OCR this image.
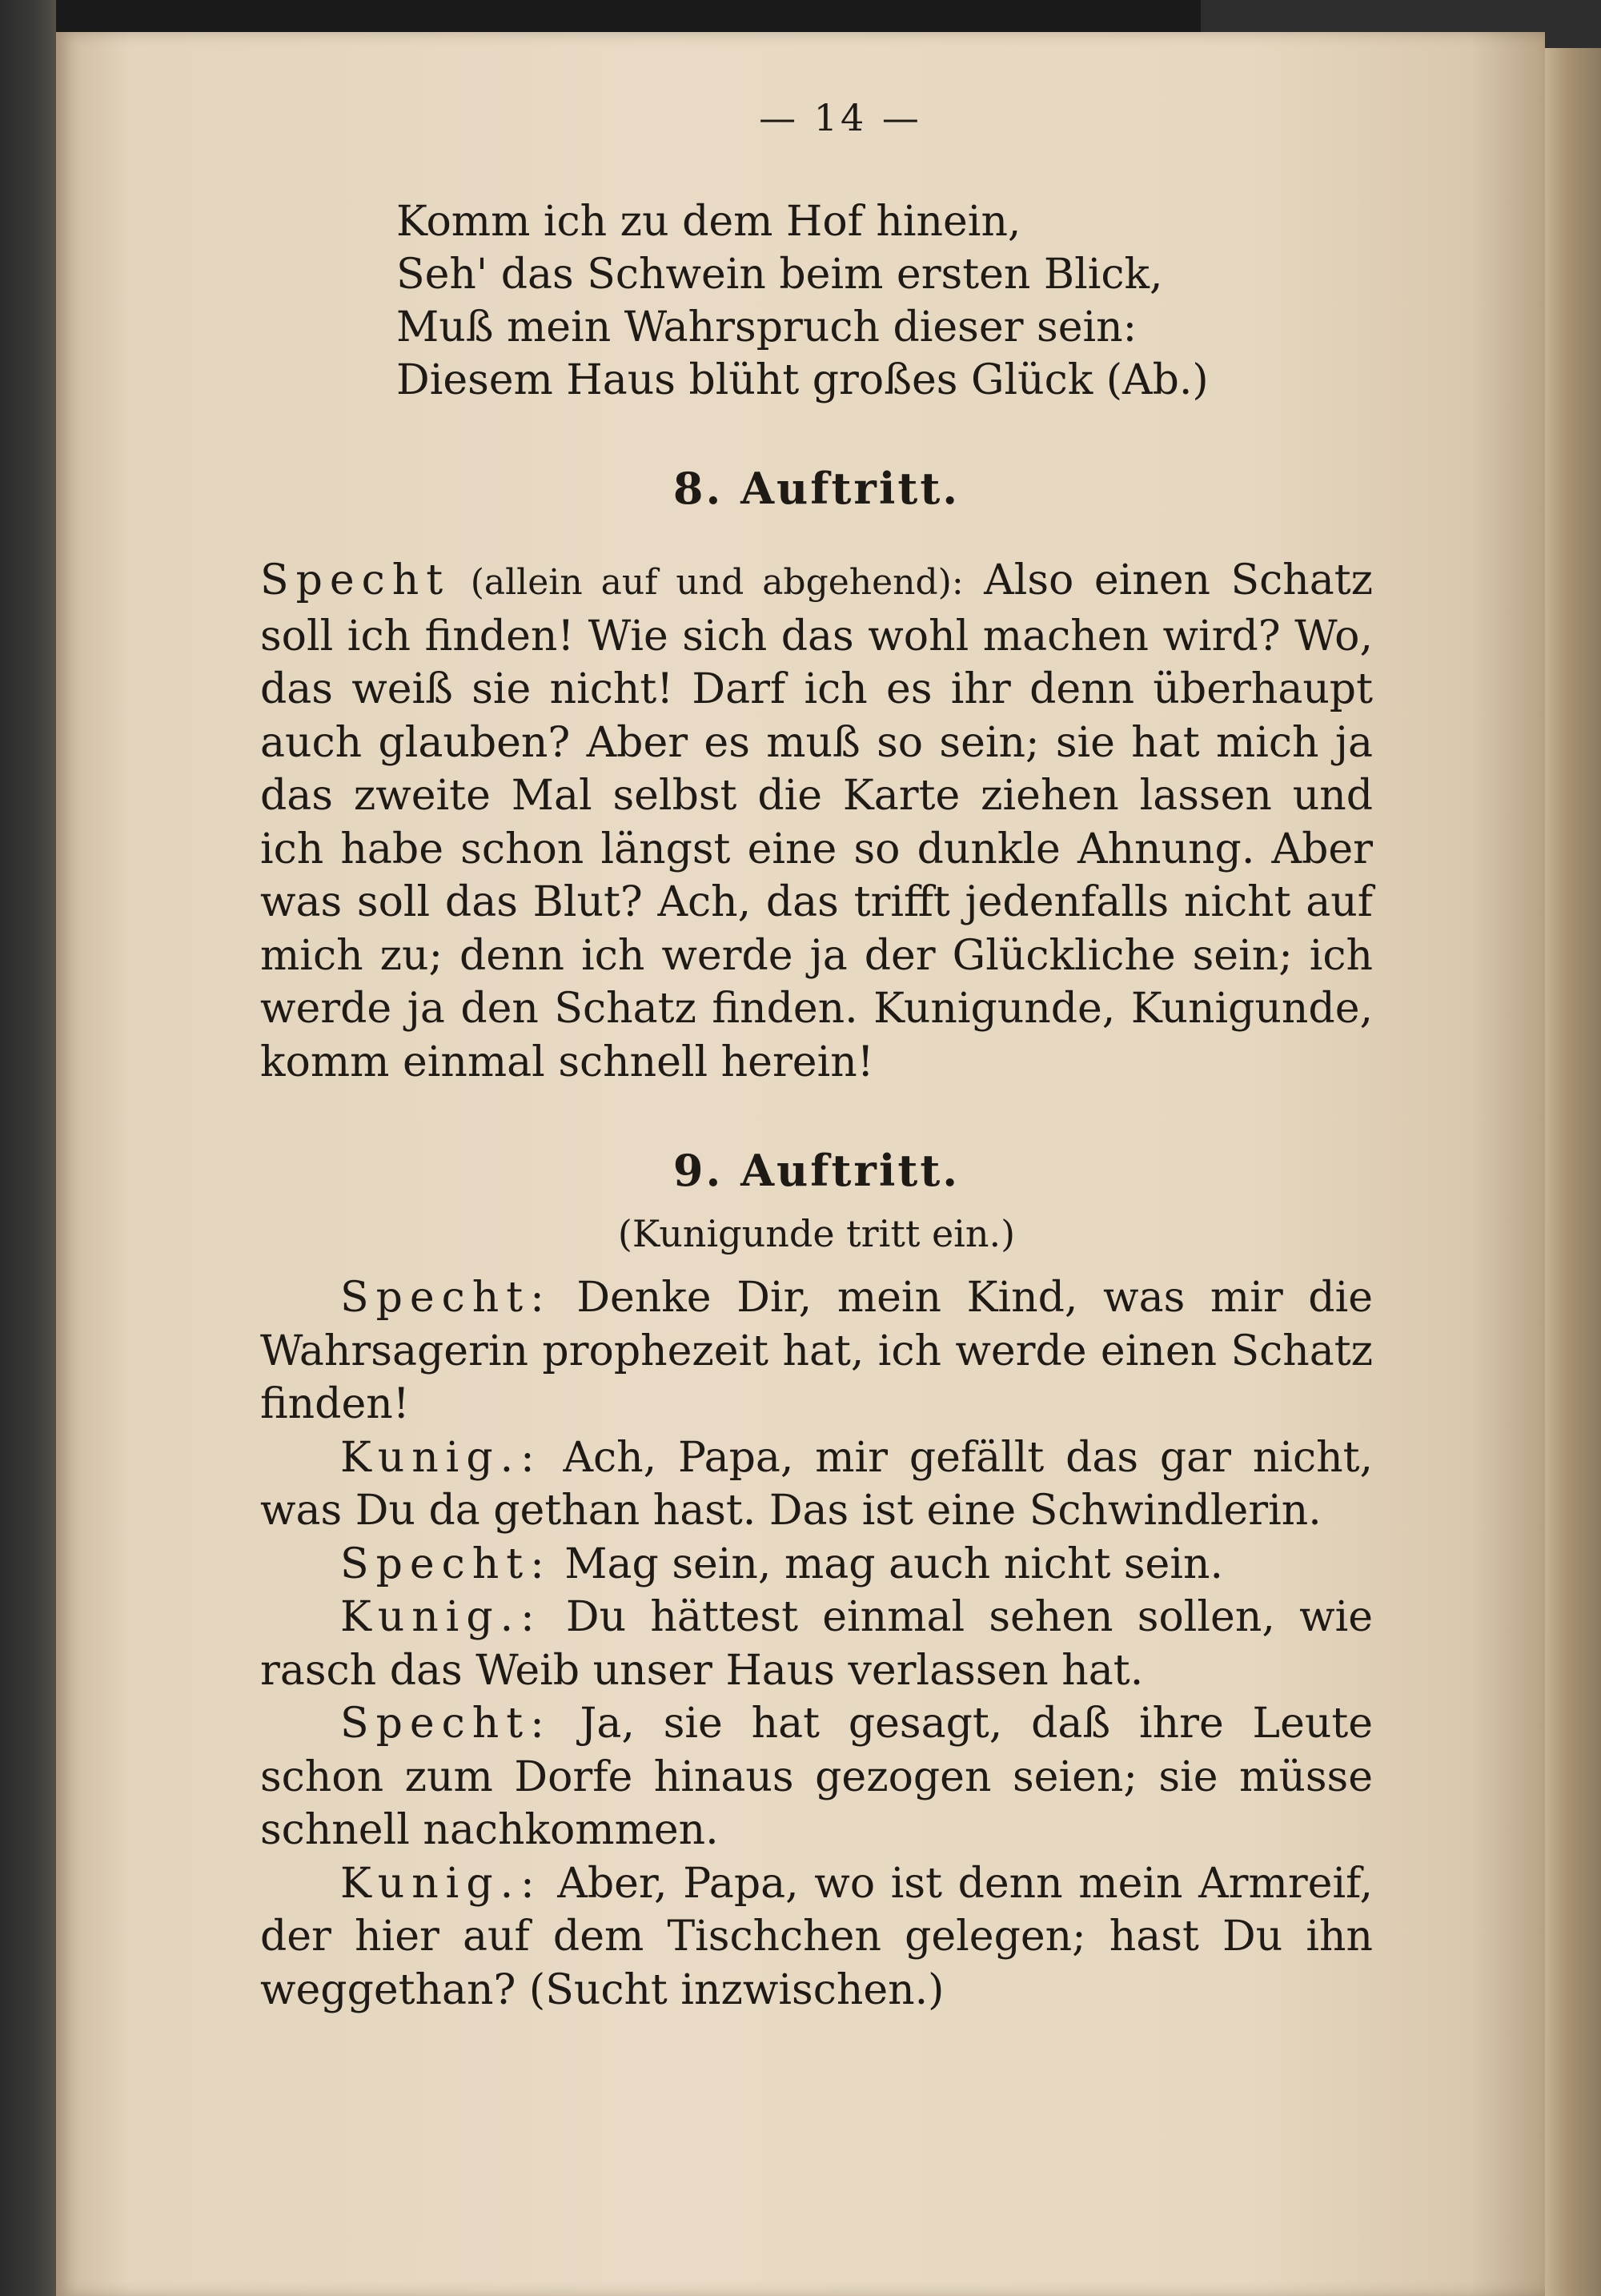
— 14 —
Komm ich zu dem Hof hinein,
Seh' das Schwein beim ersten Blick,
Muß mein Wahrspruch dieser sein:
Diesem Haus blüht großes Glück (Ab.)
8. Auftritt.
Specht (allein auf und abgehend): Also einen Schatz soll ich finden! Wie sich das wohl machen wird? Wo, das weiß sie nicht! Darf ich es ihr denn überhaupt auch glauben? Aber es muß so sein; sie hat mich ja das zweite Mal selbst die Karte ziehen lassen und ich habe schon längst eine so dunkle Ahnung. Aber was soll das Blut? Ach, das trifft jedenfalls nicht auf mich zu; denn ich werde ja der Glückliche sein; ich werde ja den Schatz finden. Kunigunde, Kunigunde, komm einmal schnell herein!
9. Auftritt.
(Kunigunde tritt ein.)
Specht: Denke Dir, mein Kind, was mir die Wahrsagerin prophezeit hat, ich werde einen Schatz finden!
Kunig.: Ach, Papa, mir gefällt das gar nicht, was Du da gethan hast. Das ist eine Schwindlerin.
Specht: Mag sein, mag auch nicht sein.
Kunig.: Du hättest einmal sehen sollen, wie rasch das Weib unser Haus verlassen hat.
Specht: Ja, sie hat gesagt, daß ihre Leute schon zum Dorfe hinaus gezogen seien; sie müsse schnell nachkommen.
Kunig.: Aber, Papa, wo ist denn mein Armreif, der hier auf dem Tischchen gelegen; hast Du ihn weggethan? (Sucht inzwischen.)
